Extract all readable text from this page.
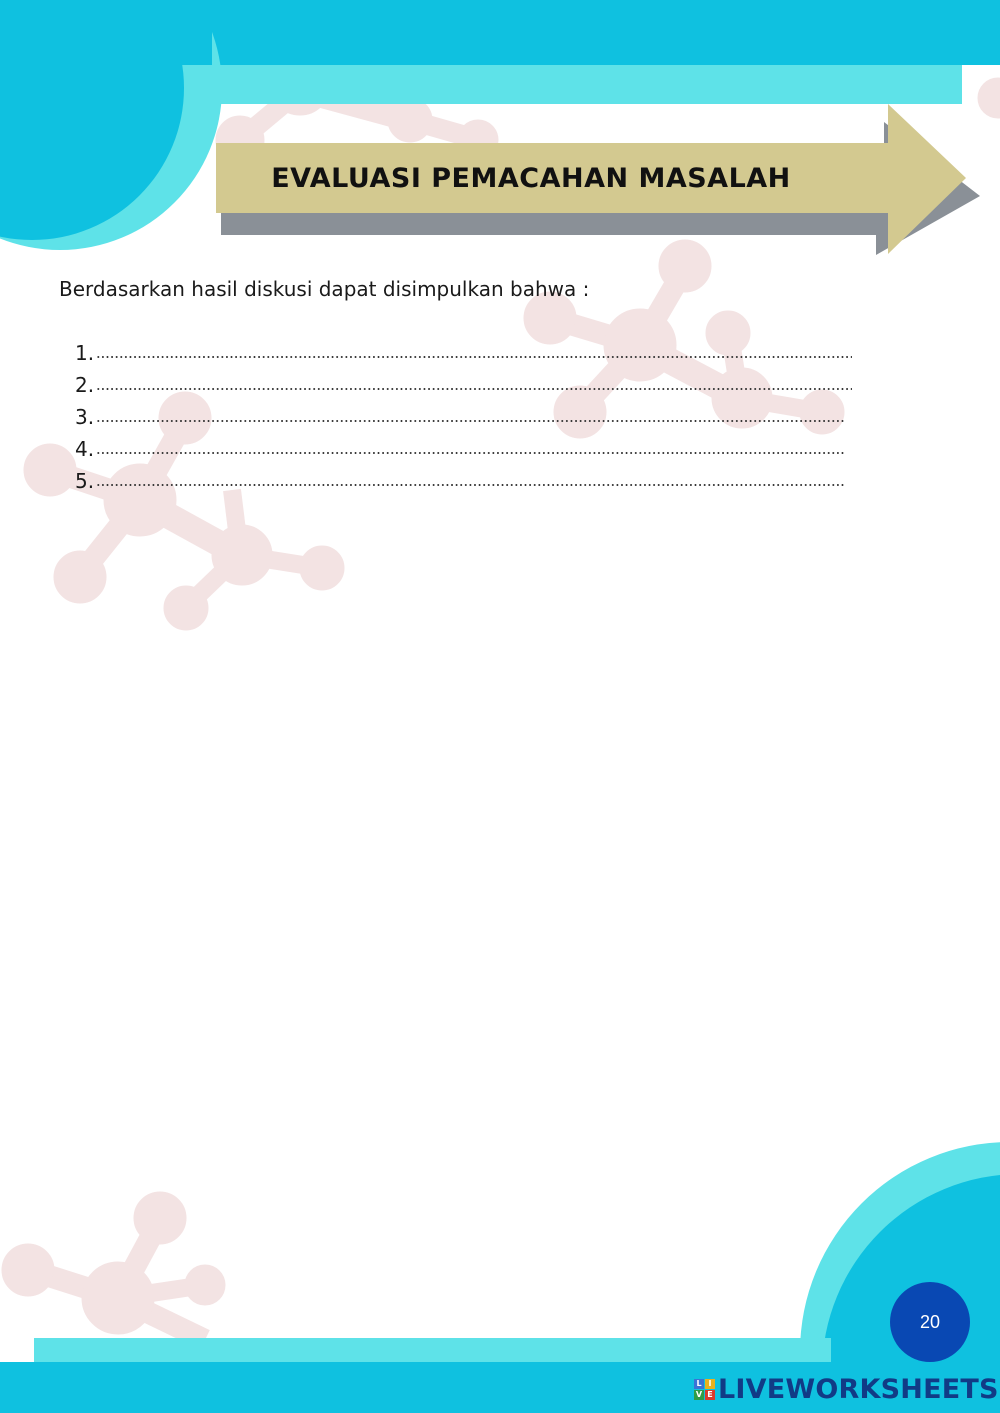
EVALUASI PEMACAHAN MASALAH
Berdasarkan hasil diskusi dapat disimpulkan bahwa :
1.
2.
3.
4.
5.
20
L I
V E LIVEWORKSHEETS
